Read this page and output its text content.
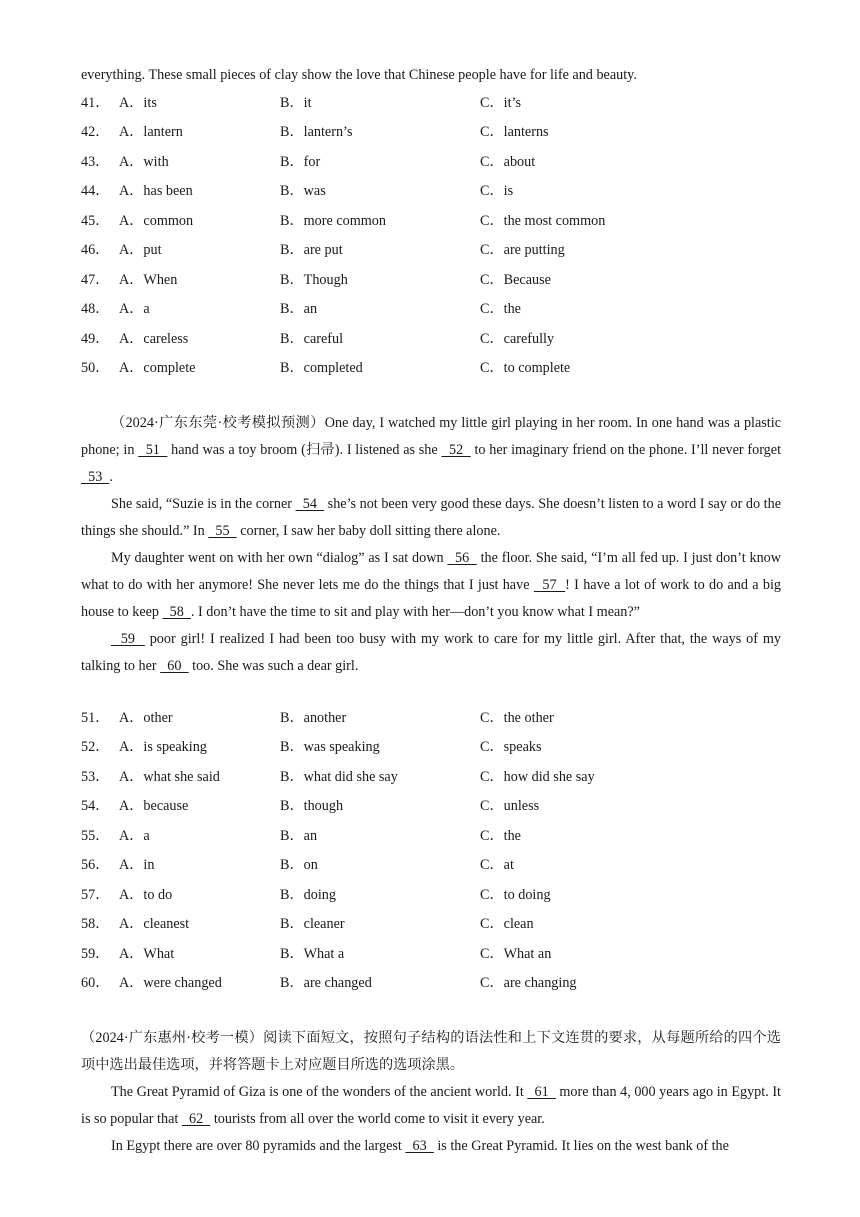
everything. These small pieces of clay show the love that Chinese people have for life and beauty.
41． A．its	B．it	C．it’s
42． A．lantern	B．lantern’s	C．lanterns
43． A．with	B．for	C．about
44． A．has been	B．was	C．is
45． A．common	B．more common	C．the most common
46． A．put	B．are put	C．are putting
47． A．When	B．Though	C．Because
48． A．a	B．an	C．the
49． A．careless	B．careful	C．carefully
50． A．complete	B．completed	C．to complete

（2024·广东东莞·校考模拟预测）One day, I watched my little girl playing in her room. In one hand was a plastic phone; in   51   hand was a toy broom (扫帚). I listened as she   52   to her imaginary friend on the phone. I’ll never forget   53  .

She said, “Suzie is in the corner   54   she’s not been very good these days. She doesn’t listen to a word I say or do the things she should.” In   55   corner, I saw her baby doll sitting there alone.

My daughter went on with her own “dialog” as I sat down   56   the floor. She said, “I’m all fed up. I just don’t know what to do with her anymore! She never lets me do the things that I just have   57  ! I have a lot of work to do and a big house to keep   58  . I don’t have the time to sit and play with her—don’t you know what I mean?”

59   poor girl! I realized I had been too busy with my work to care for my little girl. After that, the ways of my talking to her   60   too. She was such a dear girl.

51． A．other	B．another	C．the other
52． A．is speaking	B．was speaking	C．speaks
53． A．what she said	B．what did she say	C．how did she say
54． A．because	B．though	C．unless
55． A．a	B．an	C．the
56． A．in	B．on	C．at
57． A．to do	B．doing	C．to doing
58． A．cleanest	B．cleaner	C．clean
59． A．What	B．What a	C．What an
60． A．were changed	B．are changed	C．are changing

（2024·广东惠州·校考一模）阅读下面短文，按照句子结构的语法性和上下文连贯的要求，从每题所给的四个选项中选出最佳选项，并将答题卡上对应题目所选的选项涂黑。

The Great Pyramid of Giza is one of the wonders of the ancient world. It   61   more than 4, 000 years ago in Egypt. It is so popular that   62   tourists from all over the world come to visit it every year.

In Egypt there are over 80 pyramids and the largest   63   is the Great Pyramid. It lies on the west bank of the
